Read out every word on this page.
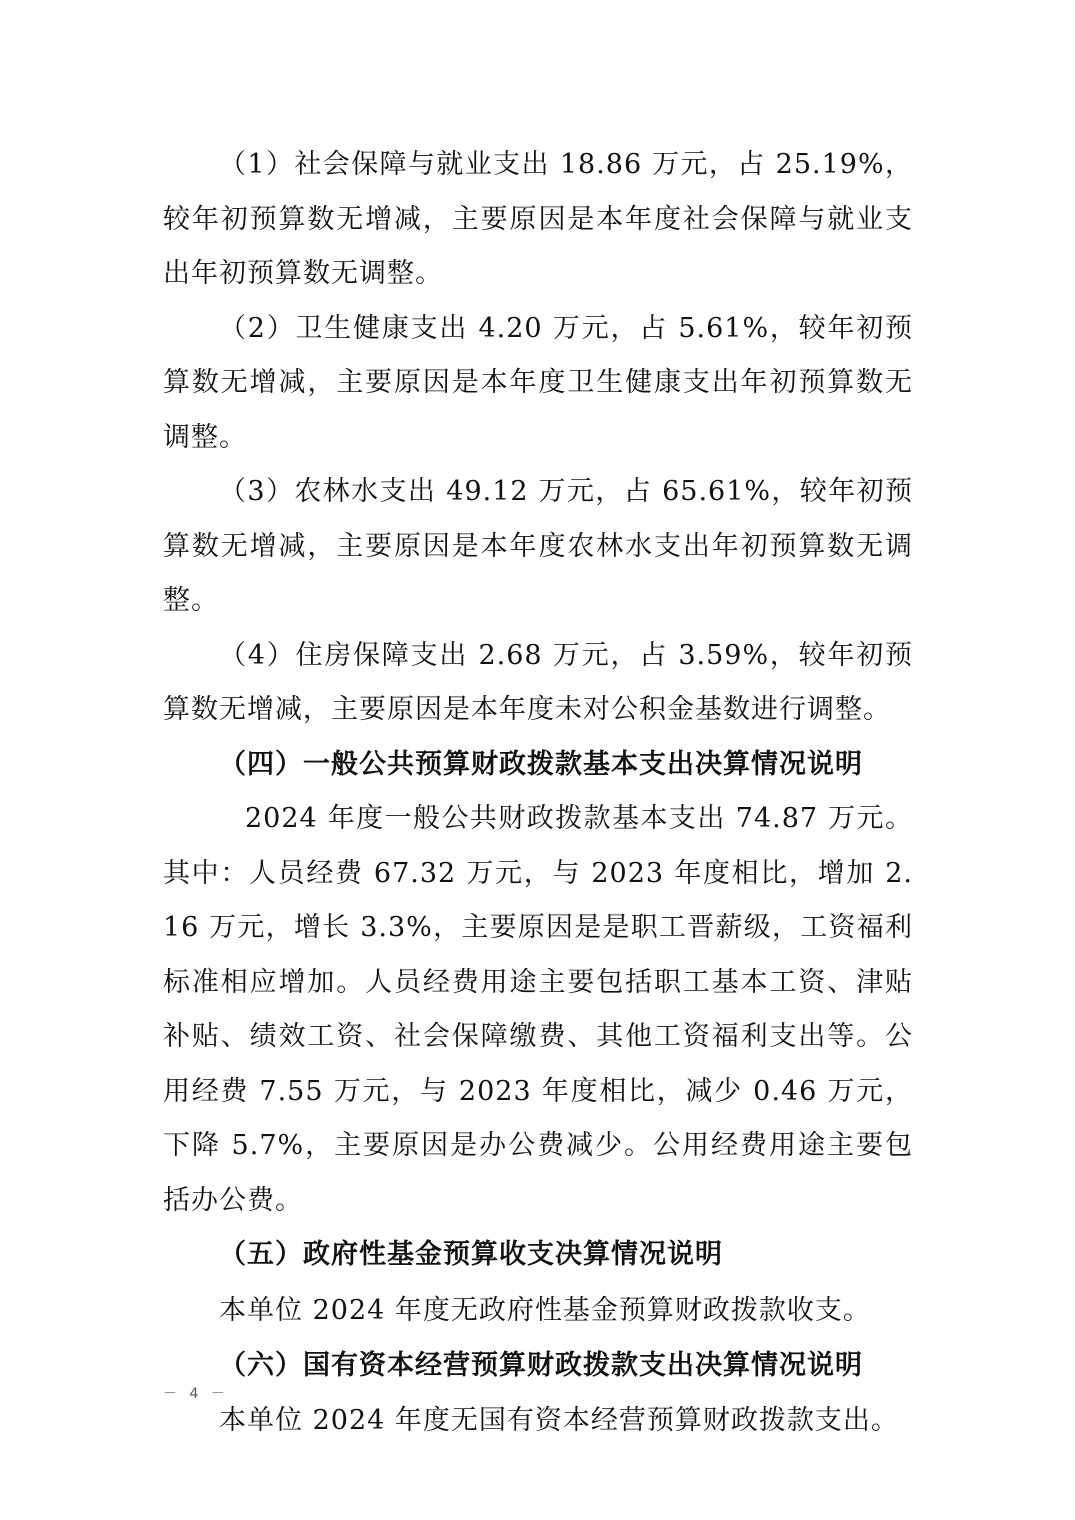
（1）社会保障与就业支出 18.86 万元，占 25.19%，较年初预算数无增减，主要原因是本年度社会保障与就业支出年初预算数无调整。

（2）卫生健康支出 4.20 万元，占 5.61%，较年初预算数无增减，主要原因是本年度卫生健康支出年初预算数无调整。

（3）农林水支出 49.12 万元，占 65.61%，较年初预算数无增减，主要原因是本年度农林水支出年初预算数无调整。

（4）住房保障支出 2.68 万元，占 3.59%，较年初预算数无增减，主要原因是本年度未对公积金基数进行调整。

（四）一般公共预算财政拨款基本支出决算情况说明

2024 年度一般公共财政拨款基本支出 74.87 万元。其中：人员经费 67.32 万元，与 2023 年度相比，增加 2.16 万元，增长 3.3%，主要原因是是职工晋薪级，工资福利标准相应增加。人员经费用途主要包括职工基本工资、津贴补贴、绩效工资、社会保障缴费、其他工资福利支出等。公用经费 7.55 万元，与 2023 年度相比，减少 0.46 万元，下降 5.7%，主要原因是办公费减少。公用经费用途主要包括办公费。

（五）政府性基金预算收支决算情况说明

本单位 2024 年度无政府性基金预算财政拨款收支。

（六）国有资本经营预算财政拨款支出决算情况说明

本单位 2024 年度无国有资本经营预算财政拨款支出。

－ 4 －
